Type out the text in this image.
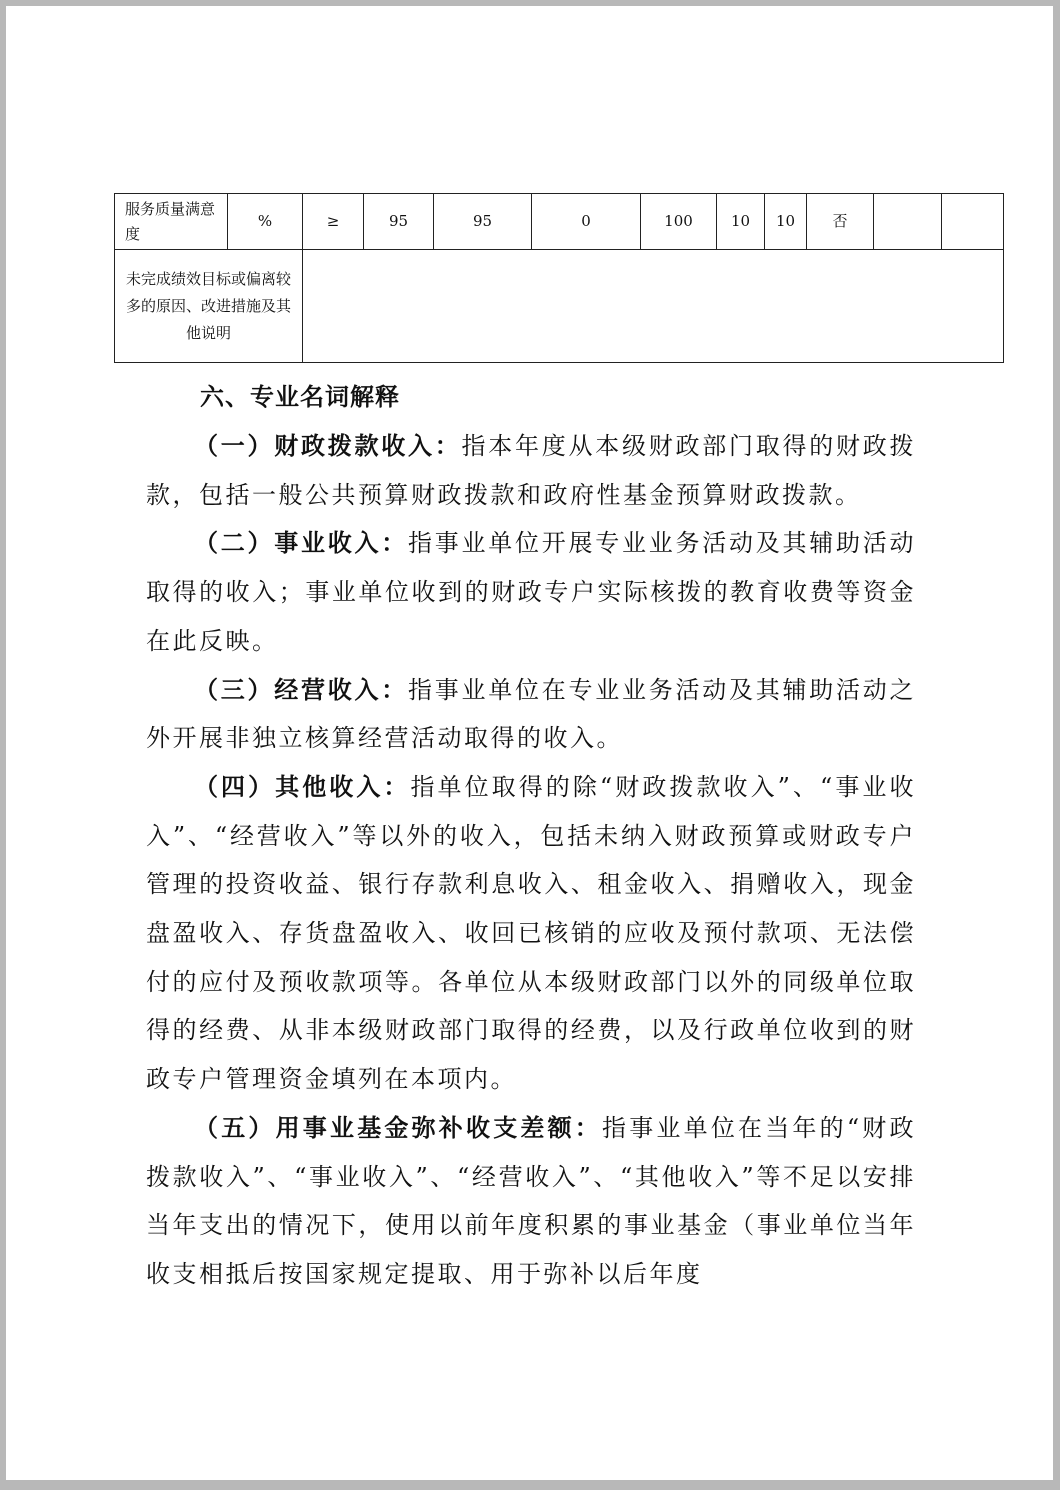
服务质量满意度	%	≥	95	95	0	100	10	10	否		
未完成绩效目标或偏离较多的原因、改进措施及其他说明											
六、专业名词解释

（一）财政拨款收入：指本年度从本级财政部门取得的财政拨款，包括一般公共预算财政拨款和政府性基金预算财政拨款。

（二）事业收入：指事业单位开展专业业务活动及其辅助活动取得的收入；事业单位收到的财政专户实际核拨的教育收费等资金在此反映。

（三）经营收入：指事业单位在专业业务活动及其辅助活动之外开展非独立核算经营活动取得的收入。

（四）其他收入：指单位取得的除“财政拨款收入”、“事业收入”、“经营收入”等以外的收入，包括未纳入财政预算或财政专户管理的投资收益、银行存款利息收入、租金收入、捐赠收入，现金盘盈收入、存货盘盈收入、收回已核销的应收及预付款项、无法偿付的应付及预收款项等。各单位从本级财政部门以外的同级单位取得的经费、从非本级财政部门取得的经费，以及行政单位收到的财政专户管理资金填列在本项内。

（五）用事业基金弥补收支差额：指事业单位在当年的“财政拨款收入”、“事业收入”、“经营收入”、“其他收入”等不足以安排当年支出的情况下，使用以前年度积累的事业基金（事业单位当年收支相抵后按国家规定提取、用于弥补以后年度
